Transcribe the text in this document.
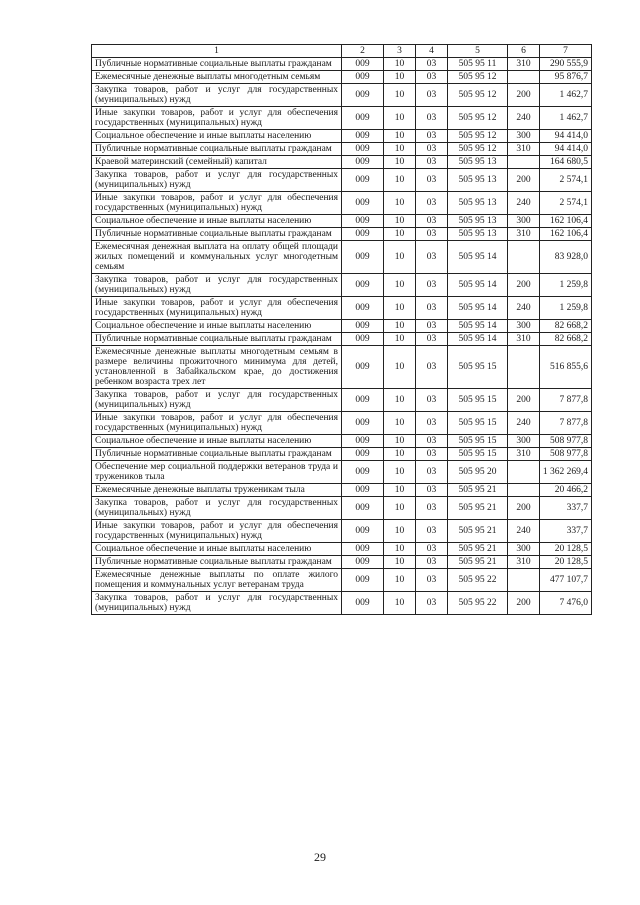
1	2	3	4	5	6	7
Публичные нормативные социальные выплаты гражданам	009	10	03	505 95 11	310	290 555,9
Ежемесячные денежные выплаты многодетным семьям	009	10	03	505 95 12		95 876,7
Закупка товаров, работ и услуг для государственных (муниципальных) нужд	009	10	03	505 95 12	200	1 462,7
Иные закупки товаров, работ и услуг для обеспечения государственных (муниципальных) нужд	009	10	03	505 95 12	240	1 462,7
Социальное обеспечение и иные выплаты населению	009	10	03	505 95 12	300	94 414,0
Публичные нормативные социальные выплаты гражданам	009	10	03	505 95 12	310	94 414,0
Краевой материнский (семейный) капитал	009	10	03	505 95 13		164 680,5
Закупка товаров, работ и услуг для государственных (муниципальных) нужд	009	10	03	505 95 13	200	2 574,1
Иные закупки товаров, работ и услуг для обеспечения государственных (муниципальных) нужд	009	10	03	505 95 13	240	2 574,1
Социальное обеспечение и иные выплаты населению	009	10	03	505 95 13	300	162 106,4
Публичные нормативные социальные выплаты гражданам	009	10	03	505 95 13	310	162 106,4
Ежемесячная денежная выплата на оплату общей площади жилых помещений и коммунальных услуг многодетным семьям	009	10	03	505 95 14		83 928,0
Закупка товаров, работ и услуг для государственных (муниципальных) нужд	009	10	03	505 95 14	200	1 259,8
Иные закупки товаров, работ и услуг для обеспечения государственных (муниципальных) нужд	009	10	03	505 95 14	240	1 259,8
Социальное обеспечение и иные выплаты населению	009	10	03	505 95 14	300	82 668,2
Публичные нормативные социальные выплаты гражданам	009	10	03	505 95 14	310	82 668,2
Ежемесячные денежные выплаты многодетным семьям в размере величины прожиточного минимума для детей, установленной в Забайкальском крае, до достижения ребенком возраста трех лет	009	10	03	505 95 15		516 855,6
Закупка товаров, работ и услуг для государственных (муниципальных) нужд	009	10	03	505 95 15	200	7 877,8
Иные закупки товаров, работ и услуг для обеспечения государственных (муниципальных) нужд	009	10	03	505 95 15	240	7 877,8
Социальное обеспечение и иные выплаты населению	009	10	03	505 95 15	300	508 977,8
Публичные нормативные социальные выплаты гражданам	009	10	03	505 95 15	310	508 977,8
Обеспечение мер социальной поддержки ветеранов труда и тружеников тыла	009	10	03	505 95 20		1 362 269,4
Ежемесячные денежные выплаты труженикам тыла	009	10	03	505 95 21		20 466,2
Закупка товаров, работ и услуг для государственных (муниципальных) нужд	009	10	03	505 95 21	200	337,7
Иные закупки товаров, работ и услуг для обеспечения государственных (муниципальных) нужд	009	10	03	505 95 21	240	337,7
Социальное обеспечение и иные выплаты населению	009	10	03	505 95 21	300	20 128,5
Публичные нормативные социальные выплаты гражданам	009	10	03	505 95 21	310	20 128,5
Ежемесячные денежные выплаты по оплате жилого помещения и коммунальных услуг ветеранам труда	009	10	03	505 95 22		477 107,7
Закупка товаров, работ и услуг для государственных (муниципальных) нужд	009	10	03	505 95 22	200	7 476,0
29
